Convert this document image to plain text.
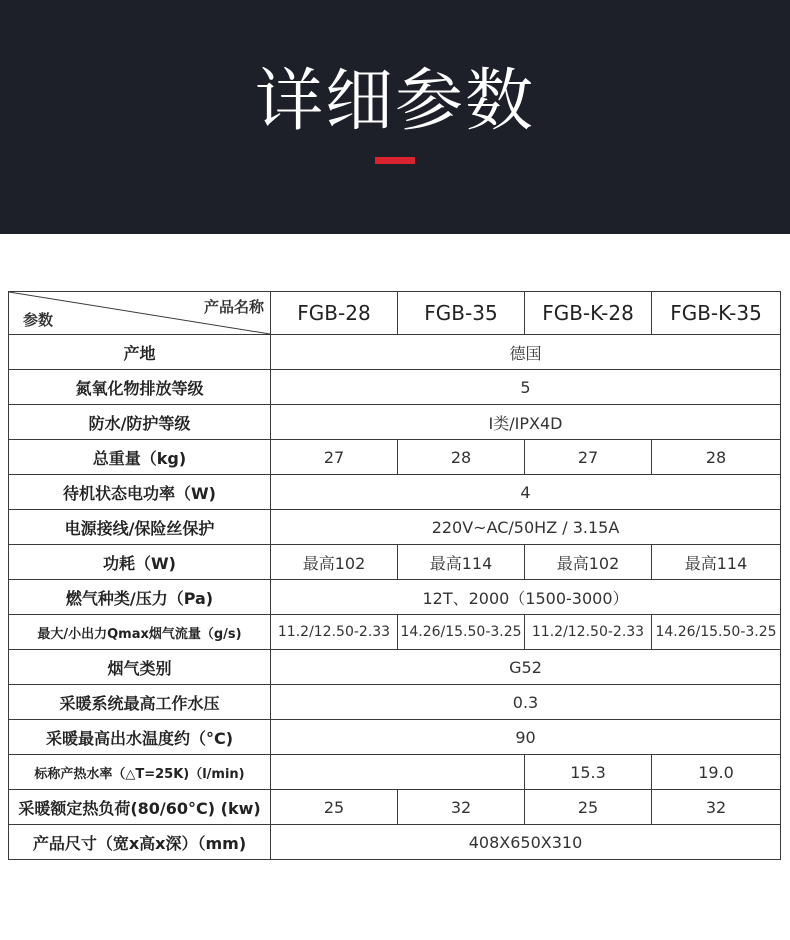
详细参数
产品名称
参数	FGB-28	FGB-35	FGB-K-28	FGB-K-35
产地	德国			
氮氧化物排放等级	5			
防水/防护等级	I类/IPX4D			
总重量（kg)	27	28	27	28
待机状态电功率（W)	4			
电源接线/保险丝保护	220V~AC/50HZ / 3.15A			
功耗（W)	最高102	最高114	最高102	最高114
燃气种类/压力（Pa)	12T、2000（1500-3000）			
最大/小出力Qmax烟气流量（g/s)	11.2/12.50-2.33	14.26/15.50-3.25	11.2/12.50-2.33	14.26/15.50-3.25
烟气类别	G52			
采暖系统最高工作水压	0.3			
采暖最高出水温度约（°C)	90			
标称产热水率（△T=25K)（l/min)			15.3	19.0
采暖额定热负荷(80/60°C) (kw)	25	32	25	32
产品尺寸（宽x高x深）（mm)	408X650X310			
